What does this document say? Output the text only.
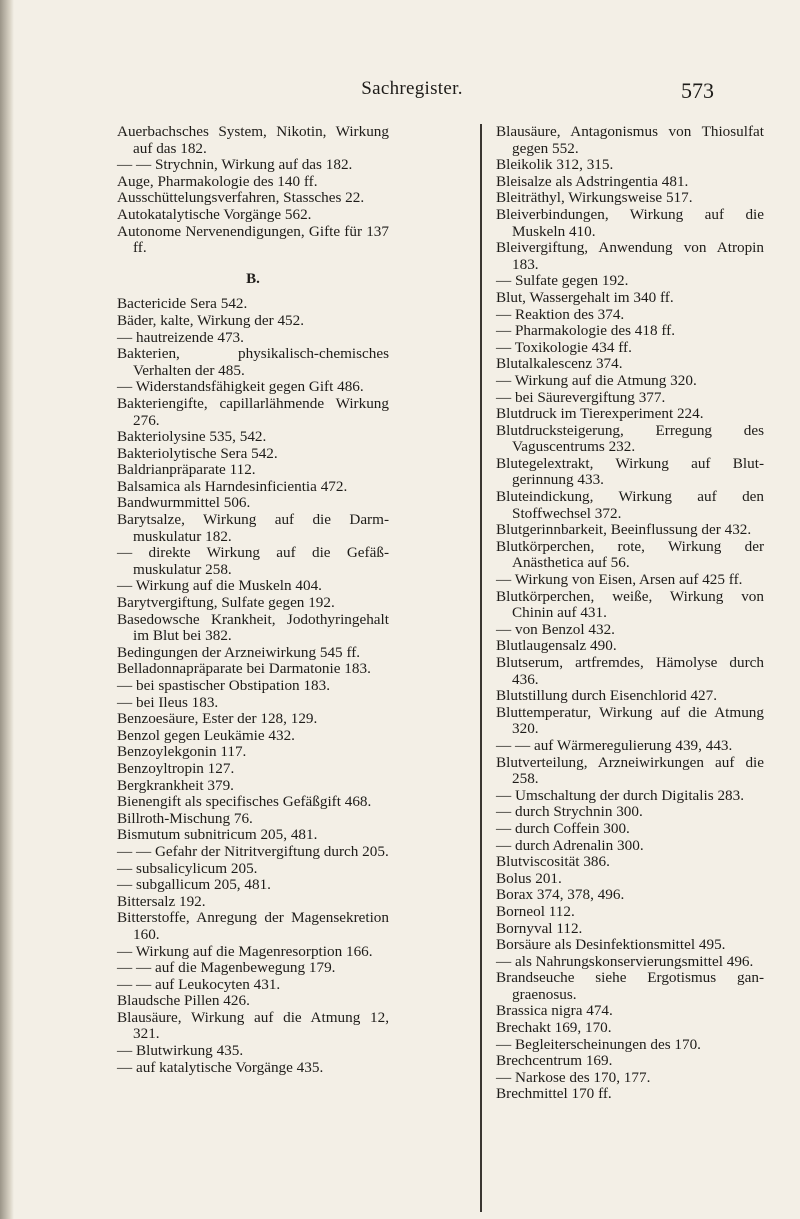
Sachregister.	573

Auerbachsches System, Nikotin, Wirkung auf das 182.

— — Strychnin, Wirkung auf das 182.

Auge, Pharmakologie des 140 ff.

Ausschüttelungsverfahren, Stassches 22.

Autokatalytische Vorgänge 562.

Autonome Nervenendigungen, Gifte für 137 ff.

B.

Bactericide Sera 542.

Bäder, kalte, Wirkung der 452.

— hautreizende 473.

Bakterien, physikalisch-chemisches Verhalten der 485.

— Widerstandsfähigkeit gegen Gift 486.

Bakteriengifte, capillarlähmende Wirkung 276.

Bakteriolysine 535, 542.

Bakteriolytische Sera 542.

Baldrianpräparate 112.

Balsamica als Harndesinficientia 472.

Bandwurmmittel 506.

Barytsalze, Wirkung auf die Darmmuskulatur 182.

— direkte Wirkung auf die Gefäßmuskulatur 258.

— Wirkung auf die Muskeln 404.

Barytvergiftung, Sulfate gegen 192.

Basedowsche Krankheit, Jodothyringehalt im Blut bei 382.

Bedingungen der Arzneiwirkung 545 ff.

Belladonnapräparate bei Darmatonie 183.

— bei spastischer Obstipation 183.

— bei Ileus 183.

Benzoesäure, Ester der 128, 129.

Benzol gegen Leukämie 432.

Benzoylekgonin 117.

Benzoyltropin 127.

Bergkrankheit 379.

Bienengift als specifisches Gefäßgift 468.

Billroth-Mischung 76.

Bismutum subnitricum 205, 481.

— — Gefahr der Nitritvergiftung durch 205.

— subsalicylicum 205.

— subgallicum 205, 481.

Bittersalz 192.

Bitterstoffe, Anregung der Magensekretion 160.

— Wirkung auf die Magenresorption 166.

— — auf die Magenbewegung 179.

— — auf Leukocyten 431.

Blaudsche Pillen 426.

Blausäure, Wirkung auf die Atmung 12, 321.

— Blutwirkung 435.

— auf katalytische Vorgänge 435.

Blausäure, Antagonismus von Thiosulfat gegen 552.

Bleikolik 312, 315.

Bleisalze als Adstringentia 481.

Bleiträthyl, Wirkungsweise 517.

Bleiverbindungen, Wirkung auf die Muskeln 410.

Bleivergiftung, Anwendung von Atropin 183.

— Sulfate gegen 192.

Blut, Wassergehalt im 340 ff.

— Reaktion des 374.

— Pharmakologie des 418 ff.

— Toxikologie 434 ff.

Blutalkalescenz 374.

— Wirkung auf die Atmung 320.

— bei Säurevergiftung 377.

Blutdruck im Tierexperiment 224.

Blutdrucksteigerung, Erregung des Vaguscentrums 232.

Blutegelextrakt, Wirkung auf Blutgerinnung 433.

Bluteindickung, Wirkung auf den Stoffwechsel 372.

Blutgerinnbarkeit, Beeinflussung der 432.

Blutkörperchen, rote, Wirkung der Anästhetica auf 56.

— Wirkung von Eisen, Arsen auf 425 ff.

Blutkörperchen, weiße, Wirkung von Chinin auf 431.

— von Benzol 432.

Blutlaugensalz 490.

Blutserum, artfremdes, Hämolyse durch 436.

Blutstillung durch Eisenchlorid 427.

Bluttemperatur, Wirkung auf die Atmung 320.

— — auf Wärmeregulierung 439, 443.

Blutverteilung, Arzneiwirkungen auf die 258.

— Umschaltung der durch Digitalis 283.

— durch Strychnin 300.

— durch Coffein 300.

— durch Adrenalin 300.

Blutviscosität 386.

Bolus 201.

Borax 374, 378, 496.

Borneol 112.

Bornyval 112.

Borsäure als Desinfektionsmittel 495.

— als Nahrungskonservierungsmittel 496.

Brandseuche siehe Ergotismus gangraenosus.

Brassica nigra 474.

Brechakt 169, 170.

— Begleiterscheinungen des 170.

Brechcentrum 169.

— Narkose des 170, 177.

Brechmittel 170 ff.
